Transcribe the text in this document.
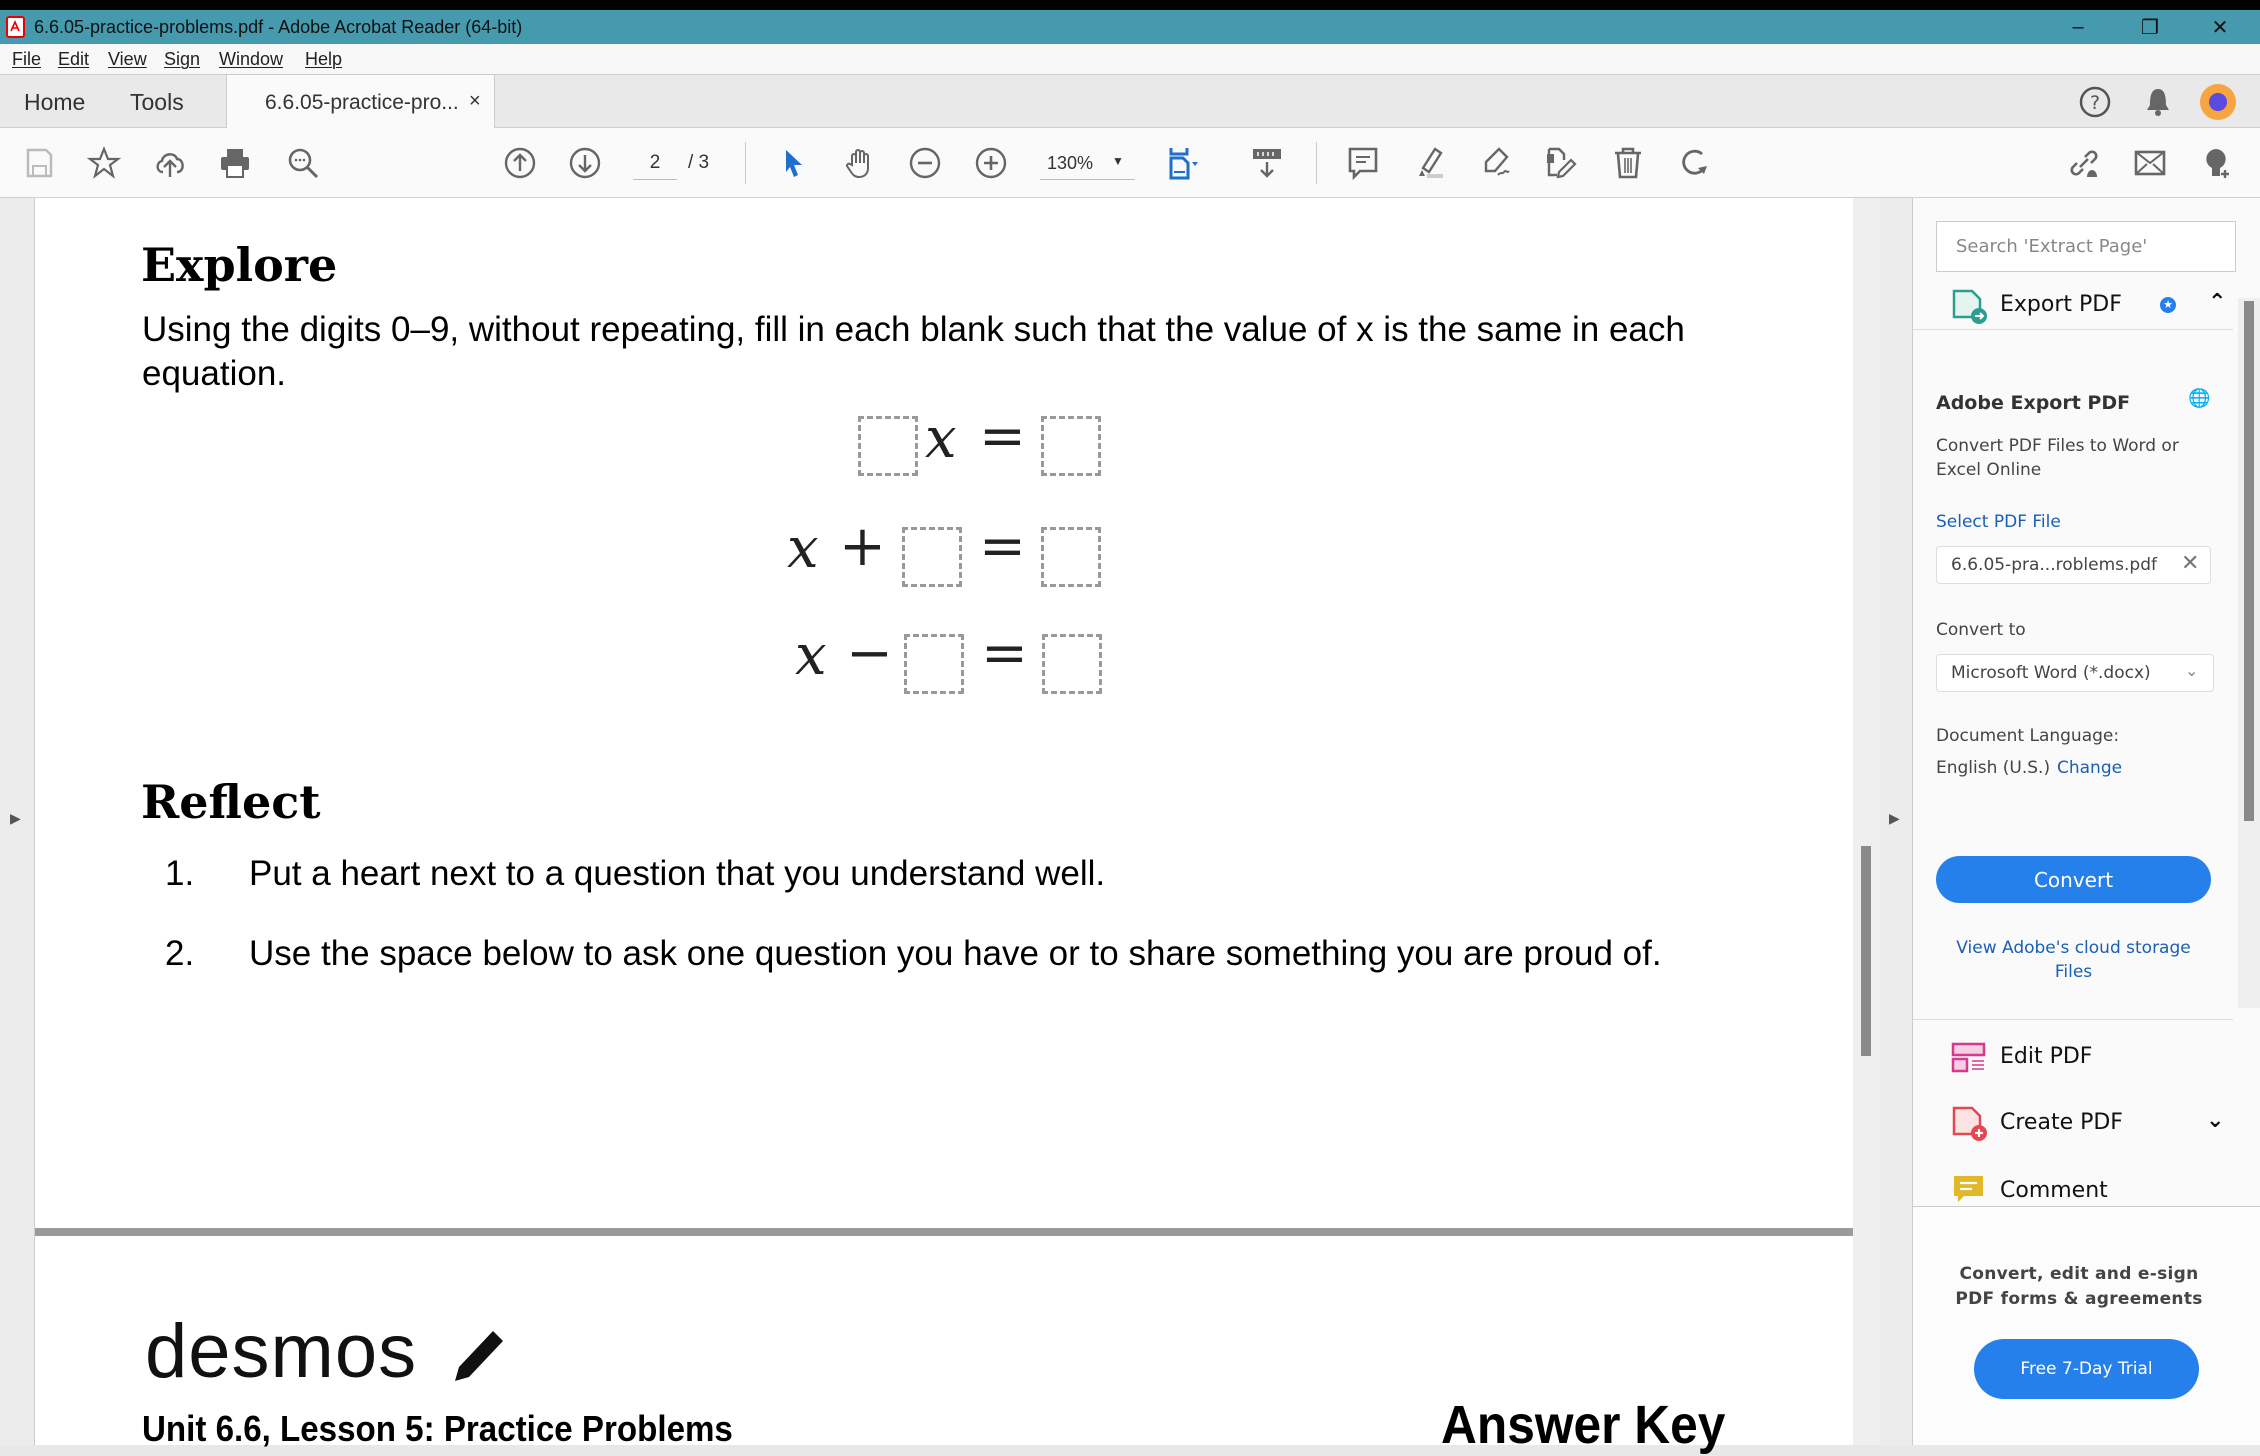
6.6.05-practice-problems.pdf - Adobe Acrobat Reader (64-bit)	–	❐	✕
File Edit View Sign Window Help
Home Tools	6.6.05-practice-pro... ×	?
2	/ 3	130% ▼
▶
Explore
Using the digits 0–9, without repeating, fill in each blank such that the value of x is the same in each equation.
x =
x + =
x − =
Reflect
1. Put a heart next to a question that you understand well.
2. Use the space below to ask one question you have or to share something you are proud of.
desmos
Unit 6.6, Lesson 5: Practice Problems	Answer Key
▶
Search 'Extract Page'
Export PDF	★ ⌃
Adobe Export PDF	🌐
Convert PDF Files to Word or Excel Online
Select PDF File
6.6.05-pra...roblems.pdf ✕
Convert to
Microsoft Word (*.docx) ⌄
Document Language:
English (U.S.) Change
Convert
View Adobe's cloud storage Files
Edit PDF
Create PDF	⌄
Comment
Convert, edit and e-sign PDF forms & agreements
Free 7-Day Trial
